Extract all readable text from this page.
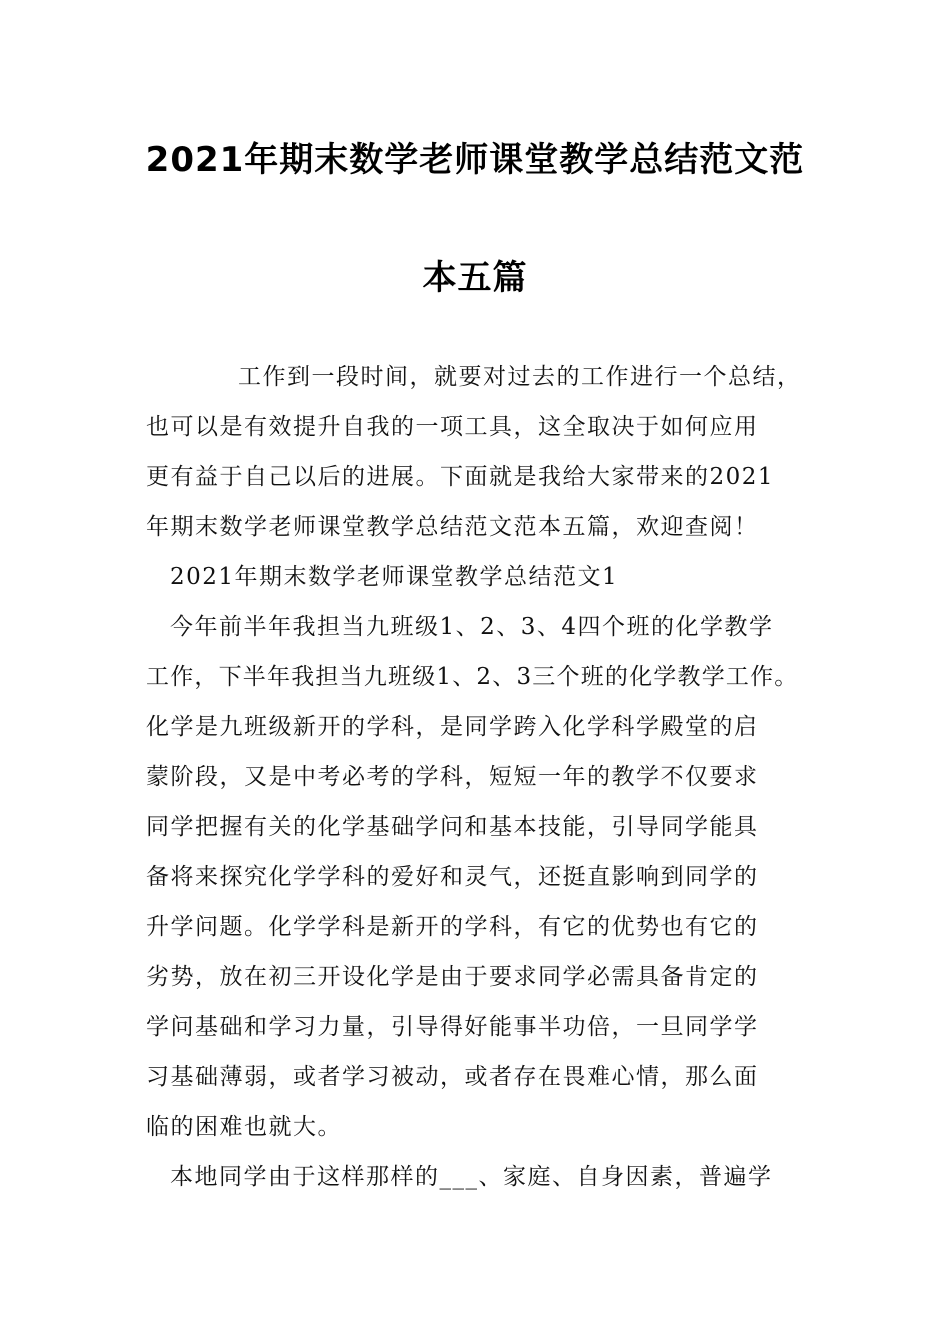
2021年期末数学老师课堂教学总结范文范
本五篇

工作到一段时间，就要对过去的工作进行一个总结，

也可以是有效提升自我的一项工具，这全取决于如何应用

更有益于自己以后的进展。下面就是我给大家带来的2021

年期末数学老师课堂教学总结范文范本五篇，欢迎查阅！

2021年期末数学老师课堂教学总结范文1

今年前半年我担当九班级1、2、3、4四个班的化学教学

工作，下半年我担当九班级1、2、3三个班的化学教学工作。

化学是九班级新开的学科，是同学跨入化学科学殿堂的启

蒙阶段，又是中考必考的学科，短短一年的教学不仅要求

同学把握有关的化学基础学问和基本技能，引导同学能具

备将来探究化学学科的爱好和灵气，还挺直影响到同学的

升学问题。化学学科是新开的学科，有它的优势也有它的

劣势，放在初三开设化学是由于要求同学必需具备肯定的

学问基础和学习力量，引导得好能事半功倍，一旦同学学

习基础薄弱，或者学习被动，或者存在畏难心情，那么面

临的困难也就大。

本地同学由于这样那样的___、家庭、自身因素，普遍学
